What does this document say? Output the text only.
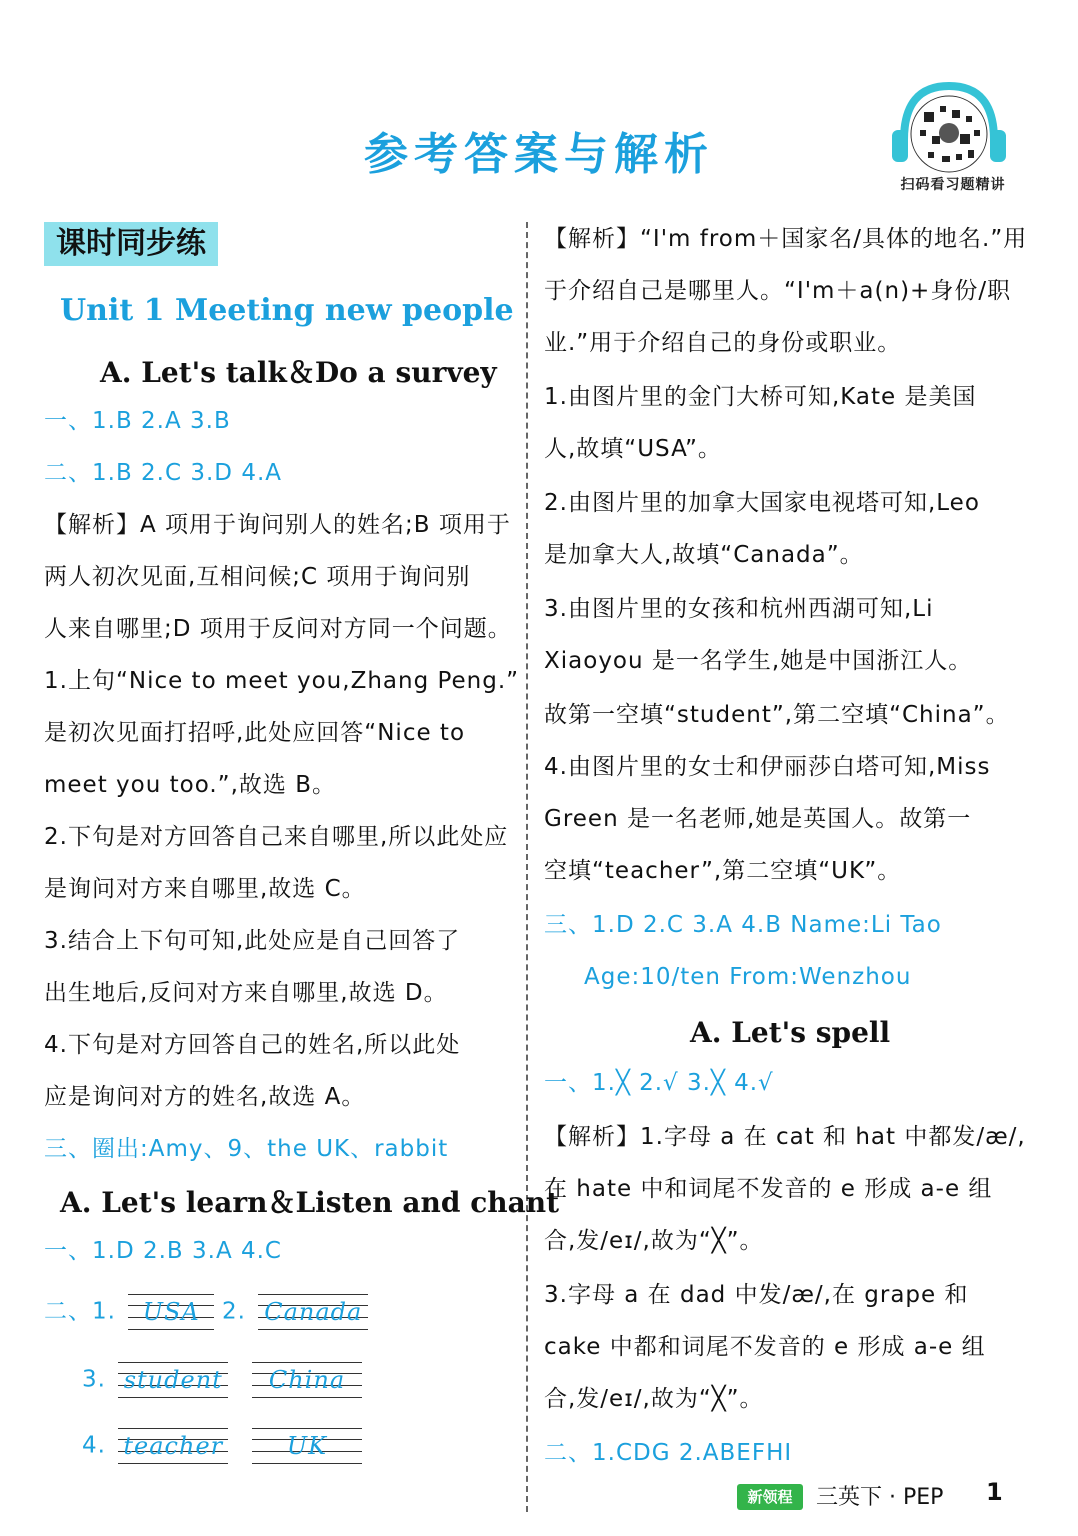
参考答案与解析
扫码看习题精讲
课时同步练
Unit 1 Meeting new people
A. Let's talk＆Do a survey
一、1.B 2.A 3.B
二、1.B 2.C 3.D 4.A
【解析】A 项用于询问别人的姓名;B 项用于
两人初次见面,互相问候;C 项用于询问别
人来自哪里;D 项用于反问对方同一个问题。
1.上句“Nice to meet you,Zhang Peng.”
是初次见面打招呼,此处应回答“Nice to
meet you too.”,故选 B。
2.下句是对方回答自己来自哪里,所以此处应
是询问对方来自哪里,故选 C。
3.结合上下句可知,此处应是自己回答了
出生地后,反问对方来自哪里,故选 D。
4.下句是对方回答自己的姓名,所以此处
应是询问对方的姓名,故选 A。
三、圈出:Amy、9、the UK、rabbit
A. Let's learn＆Listen and chant
一、1.D 2.B 3.A 4.C
二、1.	USA 2. Canada
3. student	China
4. teacher	UK
【解析】“I'm from＋国家名/具体的地名.”用
于介绍自己是哪里人。“I'm＋a(n)+身份/职
业.”用于介绍自己的身份或职业。
1.由图片里的金门大桥可知,Kate 是美国
人,故填“USA”。
2.由图片里的加拿大国家电视塔可知,Leo
是加拿大人,故填“Canada”。
3.由图片里的女孩和杭州西湖可知,Li
Xiaoyou 是一名学生,她是中国浙江人。
故第一空填“student”,第二空填“China”。
4.由图片里的女士和伊丽莎白塔可知,Miss
Green 是一名老师,她是英国人。故第一
空填“teacher”,第二空填“UK”。
三、1.D 2.C 3.A 4.B Name:Li Tao
Age:10/ten From:Wenzhou
A. Let's spell
一、1.╳ 2.√ 3.╳ 4.√
【解析】1.字母 a 在 cat 和 hat 中都发/æ/,
在 hate 中和词尾不发音的 e 形成 a-e 组
合,发/eɪ/,故为“╳”。
3.字母 a 在 dad 中发/æ/,在 grape 和
cake 中都和词尾不发音的 e 形成 a-e 组
合,发/eɪ/,故为“╳”。
二、1.CDG 2.ABEFHI
新领程	三英下 · PEP 1
